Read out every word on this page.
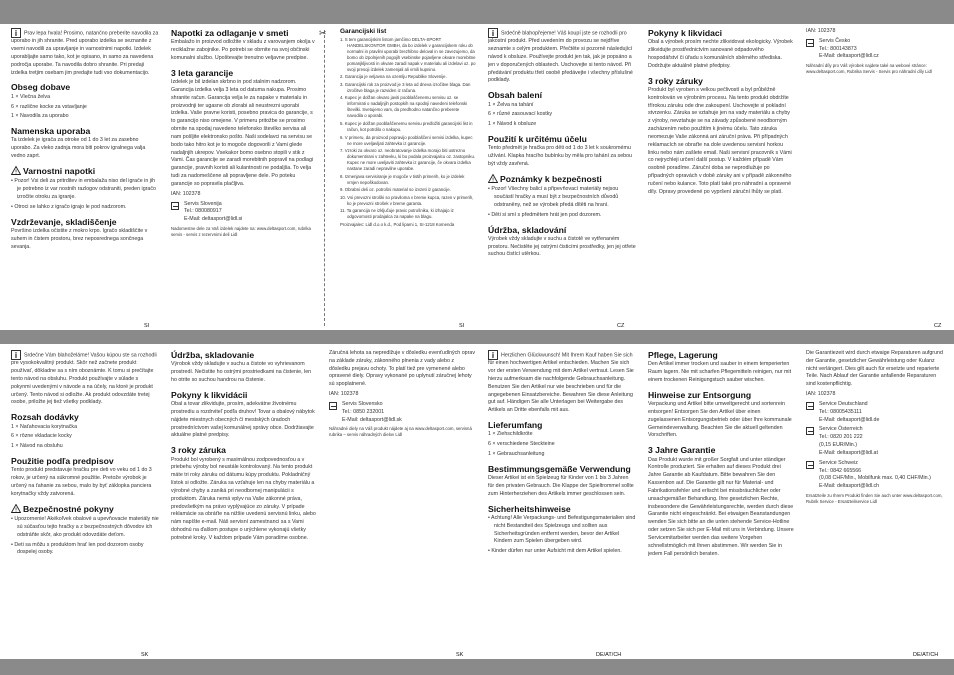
i Prav lepa hvala! Prosimo, natančno preberite navodila za uporabo in jih shranite. Pred uporabo izdelka se seznanite z vsemi navodili za upravljanje in varnostnimi napotki. Izdelek uporabljajte samo tako, kot je opisano, in samo za navedena področja uporabe. Ta navodila dobro shranite. Pri predaji izdelka tretjim osebam jim predajte tudi vso dokumentacijo.

Obseg dobave

1 × Vlečna želva

6 × različne kocke za vstavljanje

1 × Navodila za uporabo

Namenska uporaba

Ta izdelek je igrača za otroke od 1 do 3 let za zasebno uporabo. Za vleko zadnja mora biti pokrov igralnega valja vedno zaprt.

! Varnostni napotki

• Pozor! Vsi deli za pritrditev in embalaža niso del igrače in jih je potrebno iz var nostnih razlogov odstraniti, preden igračo izročite otroku za igranje.

• Otroci se lahko z igračo igrajo le pod nadzorom.

Vzdrževanje, skladiščenje

Površino izdelka očistite z mokro krpo. Igračo skladiščite v suhem in čistem prostoru, brez neposrednega sončnega sevanja.

Napotki za odlaganje v smeti

Embalažo in proizvod odložite v skladu z varovanjem okolja v reciklažne zabojnike. Po potrebi se obrnite na svoj občinski komunalni službo. Upoštevajte trenutno veljavne predpise.

3 leta garancije

Izdelek je bil izdelan skrbno in pod stalnim nadzorom. Garancija izdelka velja 3 leta od datuma nakupa. Prosimo shranite račun. Garancija velja le za napake v materialu in proizvodnji ter ugasne ob zlorabi ali neustrezni uporabi izdelka. Vaše pravne koristi, posebno pravica do garancije, s to garancijo niso omejene. V primeru pritožbe se prosimo obrnite na spodaj navedeno telefonsko številko servisa ali nam pošljite elektronsko pošto. Naši sodelavci na servisu se bodo tako hitro kot je to mogoče dogovorili z Vami glede nadaljnjih ukrepov. Vsekakor bomo osebno stopili v stik z Vami. Čas garancije se zaradi morebitnih popravil na podlagi garancije, pravnih koristi ali kulantnosti ne podaljša. To velja tudi za nadomeščene ali popravljene dele. Po poteku garancije so popravila plačljiva.

IAN: 102378

Servis Slovenija

Tel.: 080080917

E-Mail: deltasport@lidl.si

Nadomestne dele za Vaš izdelek najdete na: www.deltasport.com, rubrika servis - servis z rezervnimi deli Lidl

✂ Garancijski list

1. S tem garancijskim listom jamčimo DELTA-SPORT HANDELSKONTOR GMBH, da bo izdelek v garancijskem roku ob normalni in pravilni uporabi brezhibno deloval in se zavezujemo, da bomo ob izpolnjenih pogojih vsebinske pojavljene okvare morebitne pomanjkljivosti in okvare zaradi napak v materialu ali izdelavi oz. po svoji presoji izdelek zamenjali ali vrnili kupnino.

2. Garancija je veljavna na ozemlju Republike Slovenije.

3. Garancijski rok za proizvod je 3 leta od dneva izročitve blaga. Dan izročitve blaga je razviden iz računa.

4. Kupec je dolžan okvaro javiti pooblaščenemu servisu oz. se informirati o nadaljnjih postopkih na spodnji navedeni telefonski številki. Svetujemo vam, da predhodno natančno preberete navodila o uporabi.

5. Kupec je dolžan pooblaščenemu servisu predložiti garancijski list in račun, kot potrdilo o nakupu.

6. V primeru, da proizvod popravijo pooblaščeni servisi izdelka, kupec ne more uveljavljati zahtevka iz garancije.

7. Vzroki za okvaro oz. neobratovanje izdelka morajo biti ustrezno dokumentirani v zahtevku, ki bo podala proizvajalcu oz. zastopniku. Kupec ne more uveljaviti zahtevka iz garancije, če okvara izdelka nastane zaradi nepravilne uporabe.

8. Izmenjava servisiranje je mogoče v tistih primerih, ko je izdelek vrnjen nepoškodovan.

9. Obrabni deli oz. potrošni material so izvzeti iz garancije.

10. Vsi prevozni stroški so praviloma v breme kupca, razen v primerih, ko je prevozni strošek v breme garanta.

11. Ta garancija ne izključuje pravic potrošnika, ki izhajajo iz odgovornosti prodajalca za napake na blagu.

Proizvajalec: Lidl d.o.o k.d., Pod lipami 1, SI-1218 Komenda

i Srdečně blahopřejeme! Váš koupí jste se rozhodli pro jakostní produkt. Před uvedením do provozu se nejdříve seznamte s celým produktem. Přečtěte si pozorně následující návod k obsluze. Používejte produkt jen tak, jak je popsáno a jen v doporučených oblastech. Uschovejte si tento návod. Při předávání produktu třetí osobě předávejte i všechny příslušné podklady.

Obsah balení

1 × Želva na tahání

6 × různé zasouvací kostky

1 × Návod k obsluze

Použití k určitému účelu

Tento předmět je hračka pro děti od 1 do 3 let k soukromému užívání. Klapka hracího bubínku by měla pro tahání za sebou být vždy zavřená.

! Poznámky k bezpečnosti

• Pozor! Všechny balicí a připevňovací materiály nejsou součástí hračky a musí být z bezpečnostních důvodů odstraněny, než se výrobek předá dítěti na hraní.

• Děti si smí s předmětem hrát jen pod dozorem.

Údržba, skladování

Výrobek vždy skladujte v suchu a čistotě ve vytřenaném prostoru. Nečistěte jej ostrými čisticími prostředky, jen jej otřete suchou čistící utěrkou.

Pokyny k likvidaci

Obal a výrobek prosím nechte zlikvidovat ekologicky. Výrobek zlikvidujte prostřednictvím sanované odpadového hospodářství či úřadu s komunálních sběrného střediska. Dodržujte aktuálně platné předpisy.

3 roky záruky

Produkt byl vyroben s velkou pečlivostí a byl průběžně kontrolován ve výrobním procesu. Na tento produkt obdržíte třírokou záruku ode dne zakoupení. Uschovejte si pokladní stvrzenku. Záruka se vztahuje jen na vady materiálu a chyby z výroby, nevztahuje se na závady způsobené neodborným zacházením nebo použitím k jinému účelu. Tato záruka neomezuje Vaše zákonná ani záruční práva. Při případných reklamacích se obraťte na dole uvedenou servisní horkou linku nebo nám zašlete email. Naši servisní pracovník s Vámi co nejrychleji určení další postup. V každém případě Vám osobně poradíme. Záruční doba se neprodlužuje po případných opravách v době záruky ani v případě zákonného ručení nebo kulance. Toto platí také pro náhradní a opravené díly. Opravy provedené po vypršení záruční lhůty se platí.

IAN: 102378

Servis Česko

Tel.: 800143873

E-Mail: deltasport@lidl.cz

Náhradní díly pro Váš výrobek najdete také na webové stránce: www.deltasport.com, Rubrika Servis - Servis pro náhradní díly Lidl

SI	SI	CZ	CZ

i Srdečne Vám blahoželáme! Vašou kúpou ste sa rozhodli pre vysokokvalitný produkt. Skôr než začnete produkt používať, dôkladne sa s ním oboznámte. K tomu si prečítajte tento návod na obsluhu. Produkt používajte v súlade s pokynmi uvedenými v návode a na účely, na ktoré je produkt určený. Tento návod si odložte. Ak produkt odovzdáte tretej osobe, priložte jej tiež všetky podklady.

Rozsah dodávky

1 × Naťahovacia korytnačka

6 × rôzne vkladacie kocky

1 × Návod na obsluhu

Použitie podľa predpisov

Tento produkt predstavuje hračku pre deti vo veku od 1 do 3 rokov, je určený na súkromné použitie. Pretože výrobok je určený na ťahanie za sebou, malo by byť záklopka panciera korytnačky vždy zatvorená.

! Bezpečnostné pokyny

• Upozornenie! Akékoľvek obalové a upevňovacie materiály nie sú súčasťou tejto hračky a z bezpečnostných dôvodov ich odstráňte skôr, ako produkt odovzdáte deťom.

• Deti sa môžu s produktom hrať len pod dozorom osoby dospelej osoby.

Údržba, skladovanie

Výrobok vždy skladujte v suchu a čistote vo vyhrievanom prostredí. Nečistite ho ostrými prostriedkami na čistenie, len ho otrite so suchou handrou na čistenie.

Pokyny k likvidácii

Obal a tovar zlikvidujte, prosím, adekvátne životnému prostrediu a rozdrviteľ podľa druhov! Tovar a obalový nábytok nájdete miestnych obecných či mestských úradoch prostredníctvom vašej komunálnej správy obce. Dodržiavajte aktuálne platné predpisy.

3 roky záruka

Produkt bol vyrobený s maximálnou zodpovednosťou a v priebehu výroby bol neustále kontrolovaný. Na tento produkt máte tri roky záruku od dátumu kúpy produktu. Pokladničný lístok si odložte. Záruka sa vzťahuje len na chyby materiálu a výrobné chyby a zaniká pri neodbornej manipulácii s produktom. Záruka nemá vplyv na Vaše zákonné práva, predovšetkým na právo vyplývajúce zo záruky. V prípade reklamácie sa obráťte na nižšie uvedenú servisnú linku, alebo nám napíšte e-mail. Náš servisní zamestnanci sa s Vami dohodnú na ďalšom postupe o urýchlene vykonajú všetky potrebné kroky. V každom prípade Vám poradíme osobne.

Záručná lehota sa nepredlžuje v dôsledku evenťudlných oprav na základe záruky, zákonného plnenia z vady alebo z dôsledku prejavu ochoty. To platí tiež pre vymenené alebo opravené diely. Opravy vykonané po uplynutí záručnej lehoty sú spoplatnené.

IAN: 102378

Servis Slovensko

Tel.: 0850 232001

E-Mail: deltasport@lidl.sk

Náhradné diely na Váš produkt nájdete aj na www.deltasport.com, servisná rubrika – servis náhradných dielov Lidl

i Herzlichen Glückwunsch! Mit Ihrem Kauf haben Sie sich für einen hochwertigen Artikel entschieden. Machen Sie sich vor der ersten Verwendung mit dem Artikel vertraut. Lesen Sie hierzu aufmerksam die nachfolgende Gebrauchsanleitung. Benutzen Sie den Artikel nur wie beschrieben und für die angegebenen Einsatzbereiche. Bewahren Sie diese Anleitung gut auf. Händigen Sie alle Unterlagen bei Weitergabe des Artikels an Dritte ebenfalls mit aus.

Lieferumfang

1 × Ziehschildkröte

6 × verschiedene Steckteine

1 × Gebrauchsanleitung

Bestimmungsgemäße Verwendung

Dieser Artikel ist ein Spielzeug für Kinder von 1 bis 3 Jahren für den privaten Gebrauch. Die Klappe der Spieltrommel sollte zum Hinterherziehen des Artikels immer geschlossen sein.

Sicherheitshinweise

• Achtung! Alle Verpackungs- und Befestigungsmaterialien sind nicht Bestandteil des Spielzeugs und sollten aus Sicherheitsgründen entfernt werden, bevor der Artikel Kindern zum Spielen übergeben wird.

• Kinder dürfen nur unter Aufsicht mit dem Artikel spielen.

Pflege, Lagerung

Den Artikel immer trocken und sauber in einem temperierten Raum lagern. Nie mit scharfen Pflegemitteln reinigen, nur mit einem trockenen Reinigungstuch sauber wischen.

Hinweise zur Entsorgung

Verpackung und Artikel bitte umweltgerecht und sortenrein entsorgen! Entsorgen Sie den Artikel über einen zugelassenen Entsorgungsbetrieb oder über Ihre kommunale Gemeindeverwaltung. Beachten Sie die aktuell geltenden Vorschriften.

3 Jahre Garantie

Das Produkt wurde mit großer Sorgfalt und unter ständiger Kontrolle produziert. Sie erhalten auf dieses Produkt drei Jahre Garantie ab Kaufdatum. Bitte bewahren Sie den Kassenbon auf. Die Garantie gilt nur für Material- und Fabrikationsfehler und erlischt bei missbräuchlicher oder unsachgemäßer Behandlung. Ihre gesetzlichen Rechte, insbesondere die Gewährleistungsrechte, werden durch diese Garantie nicht eingeschränkt. Bei etwaigen Beanstandungen wenden Sie sich bitte an die unten stehende Service-Hotline oder setzen Sie sich per E-Mail mit uns in Verbindung. Unsere Servicemitarbeiter werden das weitere Vorgehen schnellstmöglich mit Ihnen abstimmen. Wir werden Sie in jedem Fall persönlich beraten.

Die Garantiezeit wird durch etwaige Reparaturen aufgrund der Garantie, gesetzlicher Gewährleistung oder Kulanz nicht verlängert. Dies gilt auch für ersetzte und reparierte Teile. Nach Ablauf der Garantie anfallende Reparaturen sind kostenpflichtig.

IAN: 102378

Service Deutschland

Tel.: 08005435111

E-Mail: deltasport@lidl.de

Service Österreich

Tel.: 0820 201 222

(0,15 EUR/Min.)

E-Mail: deltasport@lidl.at

Service Schweiz

Tel.: 0842 665566

(0,08 CHF/Min., Mobilfunk max. 0,40 CHF/Min.)

E-Mail: deltasport@lidl.ch

Ersatzteile zu Ihrem Produkt finden Sie auch unter www.deltasport.com, Rubrik Service - Ersatzteilservice Lidl

SK	SK	DE/AT/CH	DE/AT/CH
